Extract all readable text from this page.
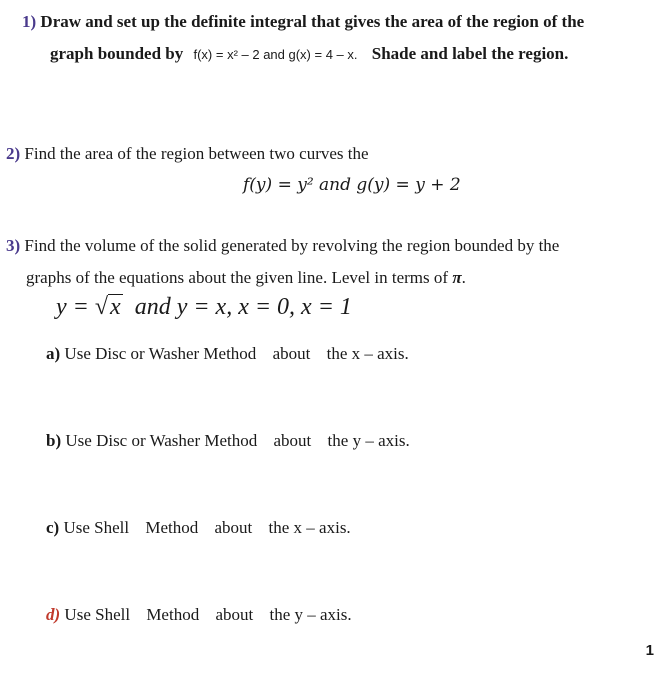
1) Draw and set up the definite integral that gives the area of the region of the
graph bounded by f(x) = x² – 2 and g(x) = 4 – x. Shade and label the region.
2) Find the area of the region between two curves the
f(y) = y² and g(y) = y + 2
3) Find the volume of the solid generated by revolving the region bounded by the
graphs of the equations about the given line. Level in terms of π.
y = √x and y = x, x = 0, x = 1
a) Use Disc or Washer Method about the x – axis.
b) Use Disc or Washer Method about the y – axis.
c) Use Shell Method about the x – axis.
d) Use Shell Method about the y – axis.
1
